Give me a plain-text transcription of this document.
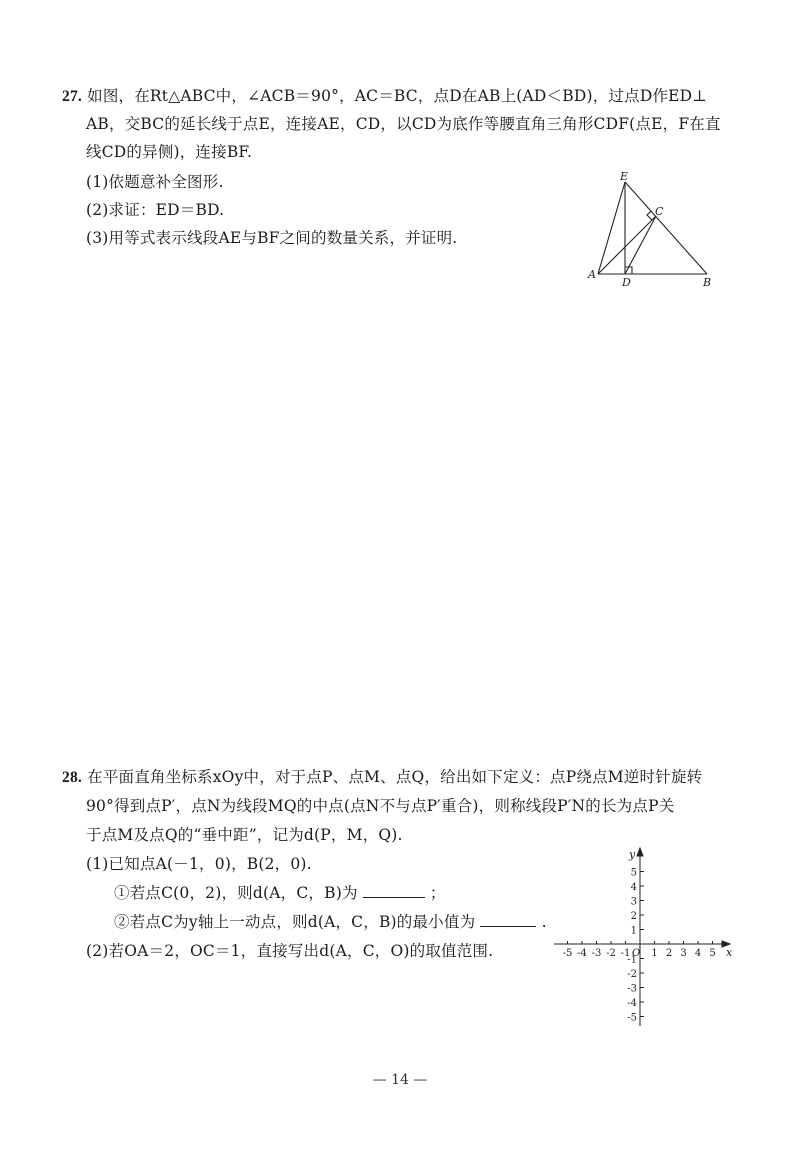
27. 如图，在Rt△ABC中，∠ACB＝90°，AC＝BC，点D在AB上(AD＜BD)，过点D作ED⊥
AB，交BC的延长线于点E，连接AE，CD，以CD为底作等腰直角三角形CDF(点E，F在直
线CD的异侧)，连接BF.
(1)依题意补全图形.
(2)求证：ED＝BD.
(3)用等式表示线段AE与BF之间的数量关系，并证明.
E
C
A
D	B
28. 在平面直角坐标系xOy中，对于点P、点M、点Q，给出如下定义：点P绕点M逆时针旋转
90°得到点P′，点N为线段MQ的中点(点N不与点P′重合)，则称线段P′N的长为点P关
于点M及点Q的“垂中距”，记为d(P，M，Q).
(1)已知点A(－1，0)，B(2，0).
①若点C(0，2)，则d(A，C，B)为	；
②若点C为y轴上一动点，则d(A，C，B)的最小值为	.
(2)若OA＝2，OC＝1，直接写出d(A，C，O)的取值范围.	-5 -4 -3 -2 -1 1 2 3 4 5
5
4
3
2
1
-1
-2
-3
-4
-5
x
y
O
— 14 —
